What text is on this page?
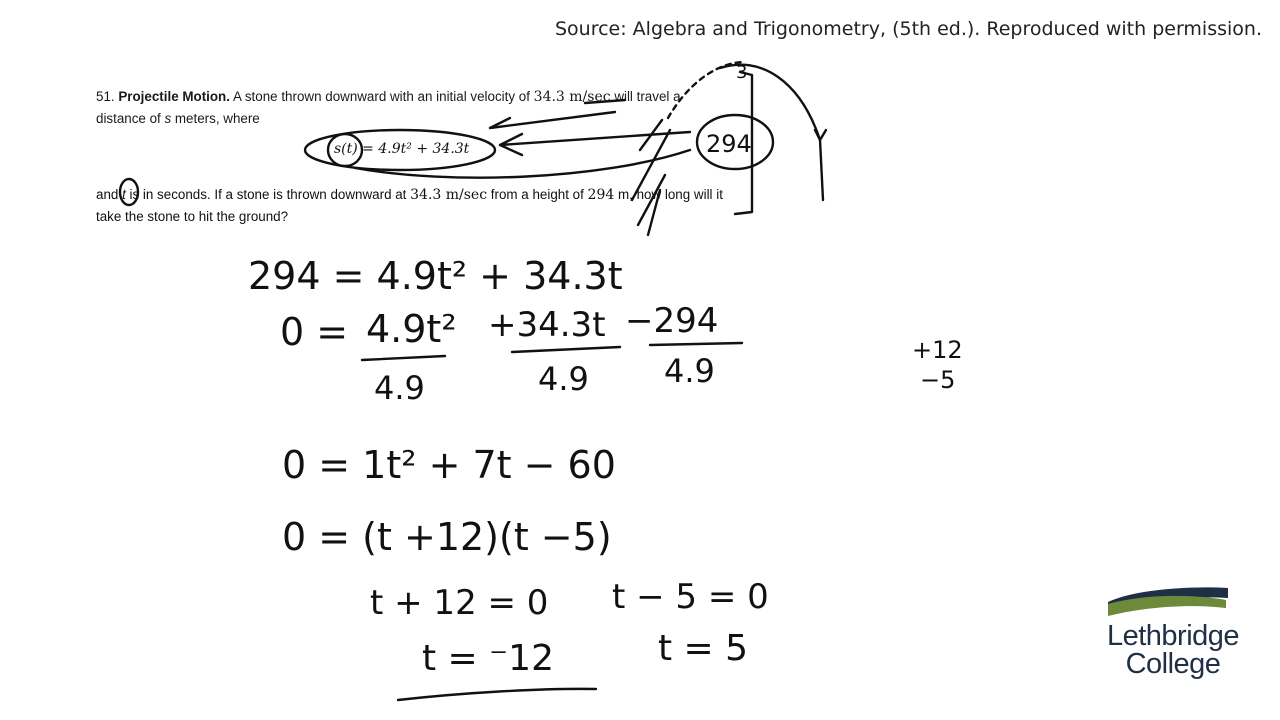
Source: Algebra and Trigonometry, (5th ed.). Reproduced with permission.

51. Projectile Motion. A stone thrown downward with an initial velocity of 34.3 m/sec will travel a distance of s meters, where

s(t) = 4.9t² + 34.3t
and t is in seconds. If a stone is thrown downward at 34.3 m/sec from a height of 294 m, how long will it take the stone to hit the ground?
294
3
294 = 4.9t² + 34.3t
0 = 4.9t² +34.3t −294
4.9	4.9 4.9
0 = 1t² + 7t − 60
0 = (t +12)(t −5)
t + 12 = 0 t − 5 = 0
t = ⁻12	t = 5
+12
−5
Lethbridge
College
